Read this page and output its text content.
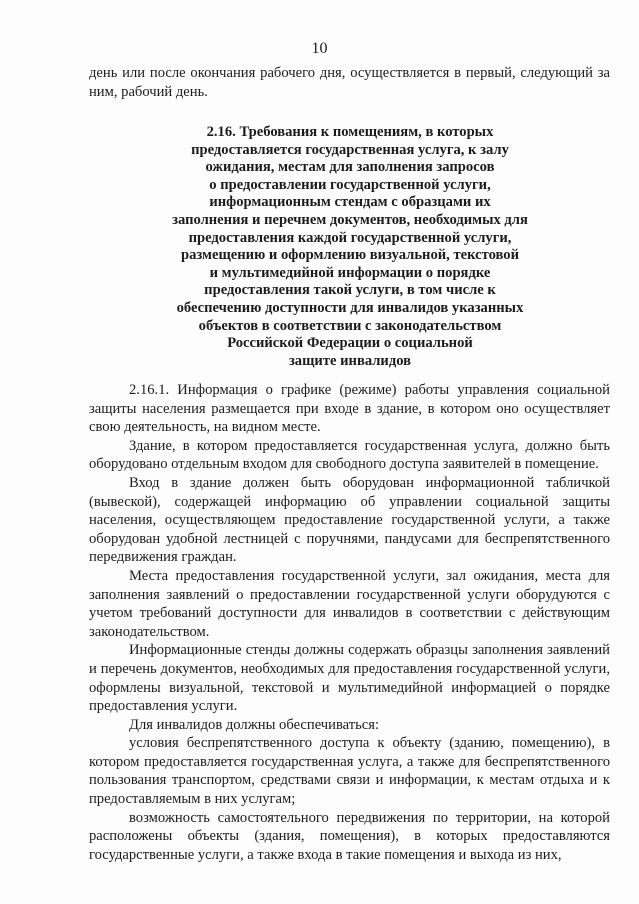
10

день или после окончания рабочего дня, осуществляется в первый, следующий за ним, рабочий день.

2.16. Требования к помещениям, в которых
предоставляется государственная услуга, к залу
ожидания, местам для заполнения запросов
о предоставлении государственной услуги,
информационным стендам с образцами их
заполнения и перечнем документов, необходимых для
предоставления каждой государственной услуги,
размещению и оформлению визуальной, текстовой
и мультимедийной информации о порядке
предоставления такой услуги, в том числе к
обеспечению доступности для инвалидов указанных
объектов в соответствии с законодательством
Российской Федерации о социальной
защите инвалидов

2.16.1. Информация о графике (режиме) работы управления социальной защиты населения размещается при входе в здание, в котором оно осуществляет свою деятельность, на видном месте.

Здание, в котором предоставляется государственная услуга, должно быть оборудовано отдельным входом для свободного доступа заявителей в помещение.

Вход в здание должен быть оборудован информационной табличкой (вывеской), содержащей информацию об управлении социальной защиты населения, осуществляющем предоставление государственной услуги, а также оборудован удобной лестницей с поручнями, пандусами для беспрепятственного передвижения граждан.

Места предоставления государственной услуги, зал ожидания, места для заполнения заявлений о предоставлении государственной услуги оборудуются с учетом требований доступности для инвалидов в соответствии с действующим законодательством.

Информационные стенды должны содержать образцы заполнения заявлений и перечень документов, необходимых для предоставления государственной услуги, оформлены визуальной, текстовой и мультимедийной информацией о порядке предоставления услуги.

Для инвалидов должны обеспечиваться:

условия беспрепятственного доступа к объекту (зданию, помещению), в котором предоставляется государственная услуга, а также для беспрепятственного пользования транспортом, средствами связи и информации, к местам отдыха и к предоставляемым в них услугам;

возможность самостоятельного передвижения по территории, на которой расположены объекты (здания, помещения), в которых предоставляются государственные услуги, а также входа в такие помещения и выхода из них,
